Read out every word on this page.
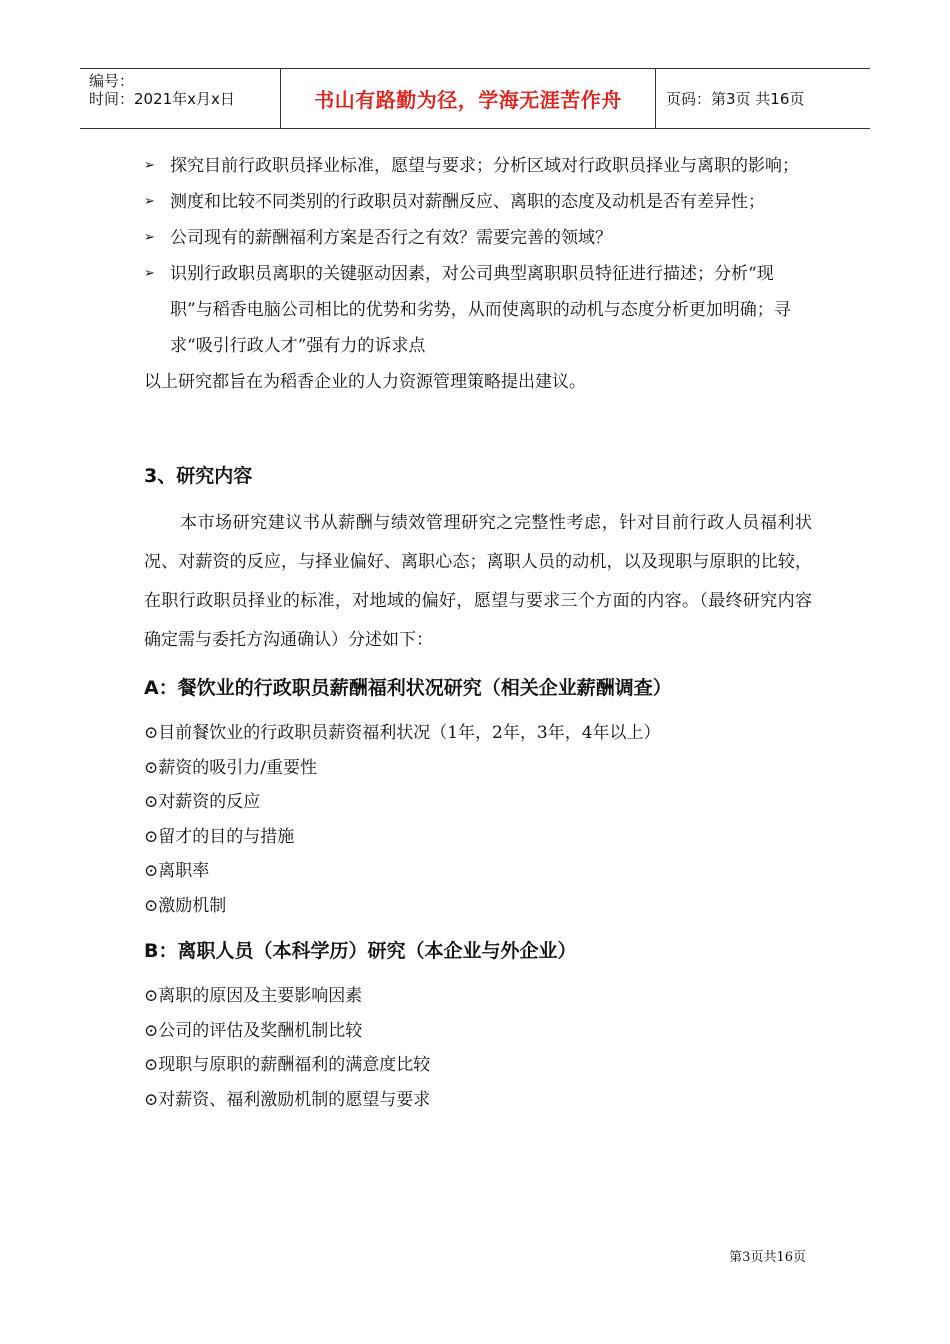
编号：
时间：2021年x月x日	书山有路勤为径，学海无涯苦作舟	页码：第3页 共16页
➢ 探究目前行政职员择业标准，愿望与要求；分析区域对行政职员择业与离职的影响；
➢ 测度和比较不同类别的行政职员对薪酬反应、离职的态度及动机是否有差异性；
➢ 公司现有的薪酬福利方案是否行之有效？需要完善的领域？
➢ 识别行政职员离职的关键驱动因素，对公司典型离职职员特征进行描述；分析“现职”与稻香电脑公司相比的优势和劣势，从而使离职的动机与态度分析更加明确；寻求“吸引行政人才”强有力的诉求点
以上研究都旨在为稻香企业的人力资源管理策略提出建议。
3、研究内容
本市场研究建议书从薪酬与绩效管理研究之完整性考虑，针对目前行政人员福利状况、对薪资的反应，与择业偏好、离职心态；离职人员的动机，以及现职与原职的比较，在职行政职员择业的标准，对地域的偏好，愿望与要求三个方面的内容。（最终研究内容确定需与委托方沟通确认）分述如下：
A：餐饮业的行政职员薪酬福利状况研究（相关企业薪酬调查）
⊙目前餐饮业的行政职员薪资福利状况（1年，2年，3年，4年以上）
⊙薪资的吸引力/重要性
⊙对薪资的反应
⊙留才的目的与措施
⊙离职率
⊙激励机制
B：离职人员（本科学历）研究（本企业与外企业）
⊙离职的原因及主要影响因素
⊙公司的评估及奖酬机制比较
⊙现职与原职的薪酬福利的满意度比较
⊙对薪资、福利激励机制的愿望与要求
第3页共16页
